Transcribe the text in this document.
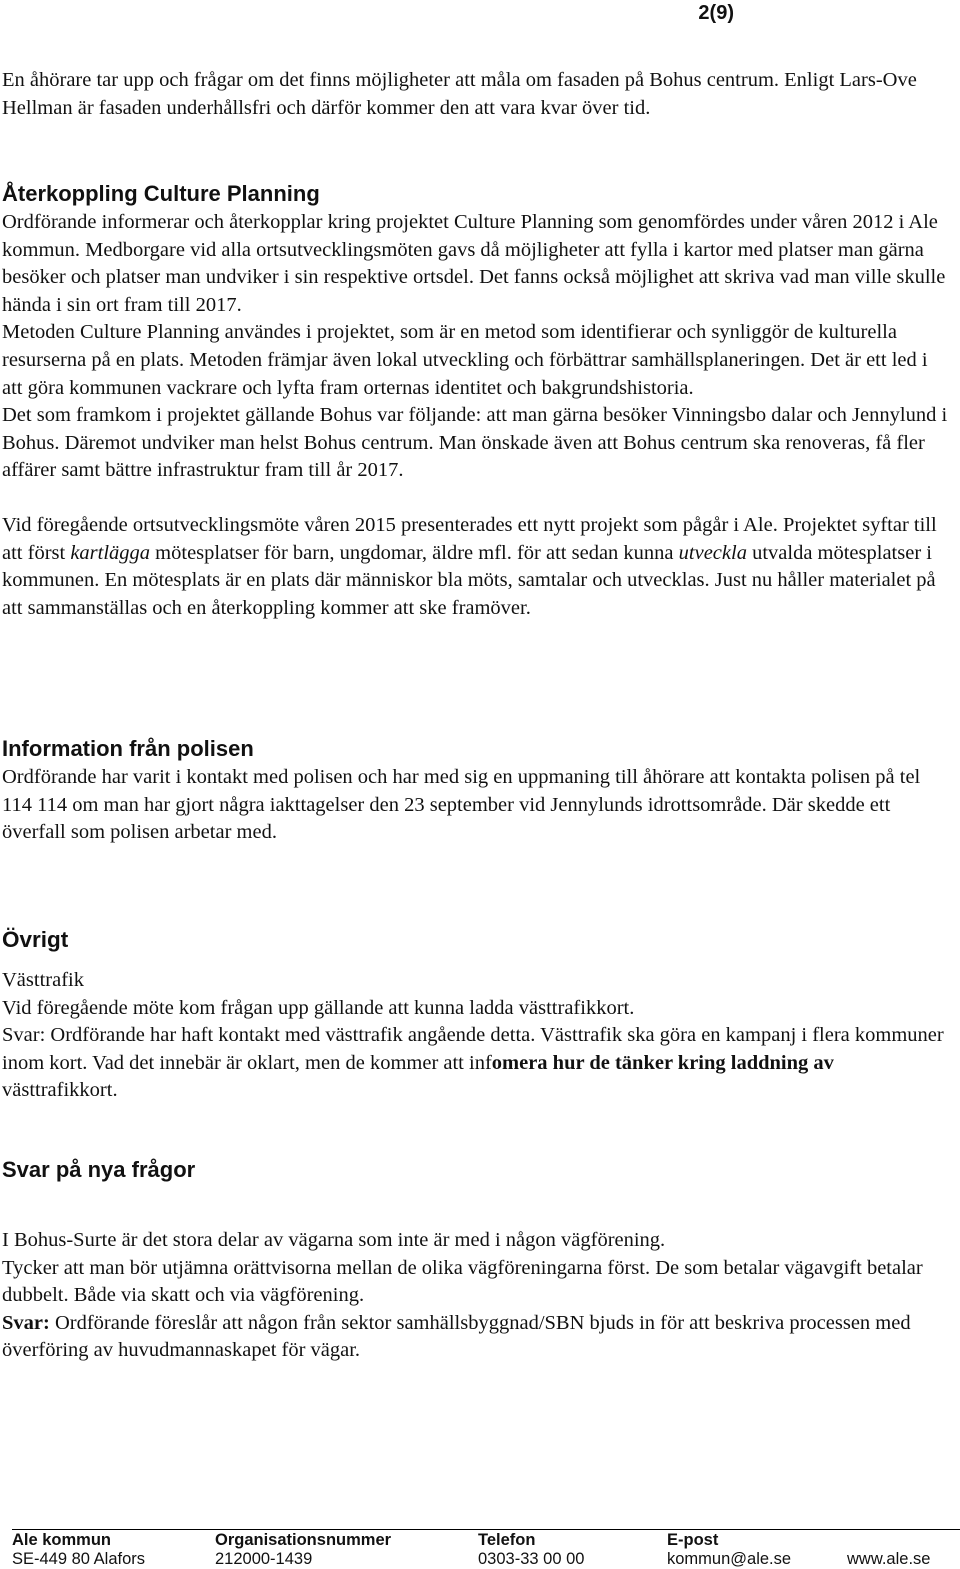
2(9)

En åhörare tar upp och frågar om det finns möjligheter att måla om fasaden på Bohus centrum. Enligt Lars-Ove Hellman är fasaden underhållsfri och därför kommer den att vara kvar över tid.

Återkoppling Culture Planning

Ordförande informerar och återkopplar kring projektet Culture Planning som genomfördes under våren 2012 i Ale kommun. Medborgare vid alla ortsutvecklingsmöten gavs då möjligheter att fylla i kartor med platser man gärna besöker och platser man undviker i sin respektive ortsdel. Det fanns också möjlighet att skriva vad man ville skulle hända i sin ort fram till 2017.

Metoden Culture Planning användes i projektet, som är en metod som identifierar och synliggör de kulturella resurserna på en plats. Metoden främjar även lokal utveckling och förbättrar samhällsplaneringen. Det är ett led i att göra kommunen vackrare och lyfta fram orternas identitet och bakgrundshistoria.

Det som framkom i projektet gällande Bohus var följande: att man gärna besöker Vinningsbo dalar och Jennylund i Bohus. Däremot undviker man helst Bohus centrum. Man önskade även att Bohus centrum ska renoveras, få fler affärer samt bättre infrastruktur fram till år 2017.

Vid föregående ortsutvecklingsmöte våren 2015 presenterades ett nytt projekt som pågår i Ale. Projektet syftar till att först kartlägga mötesplatser för barn, ungdomar, äldre mfl. för att sedan kunna utveckla utvalda mötesplatser i kommunen. En mötesplats är en plats där människor bla möts, samtalar och utvecklas. Just nu håller materialet på att sammanställas och en återkoppling kommer att ske framöver.

Information från polisen

Ordförande har varit i kontakt med polisen och har med sig en uppmaning till åhörare att kontakta polisen på tel 114 114 om man har gjort några iakttagelser den 23 september vid Jennylunds idrottsområde. Där skedde ett överfall som polisen arbetar med.

Övrigt

Västtrafik

Vid föregående möte kom frågan upp gällande att kunna ladda västtrafikkort.

Svar: Ordförande har haft kontakt med västtrafik angående detta. Västtrafik ska göra en kampanj i flera kommuner inom kort. Vad det innebär är oklart, men de kommer att infomera hur de tänker kring laddning av västtrafikkort.

Svar på nya frågor

I Bohus-Surte är det stora delar av vägarna som inte är med i någon vägförening.

Tycker att man bör utjämna orättvisorna mellan de olika vägföreningarna först. De som betalar vägavgift betalar dubbelt. Både via skatt och via vägförening.

Svar: Ordförande föreslår att någon från sektor samhällsbyggnad/SBN bjuds in för att beskriva processen med överföring av huvudmannaskapet för vägar.

Ale kommun
SE-449 80 Alafors
Organisationsnummer
212000-1439
Telefon
0303-33 00 00
E-post
kommun@ale.se
	www.ale.se
